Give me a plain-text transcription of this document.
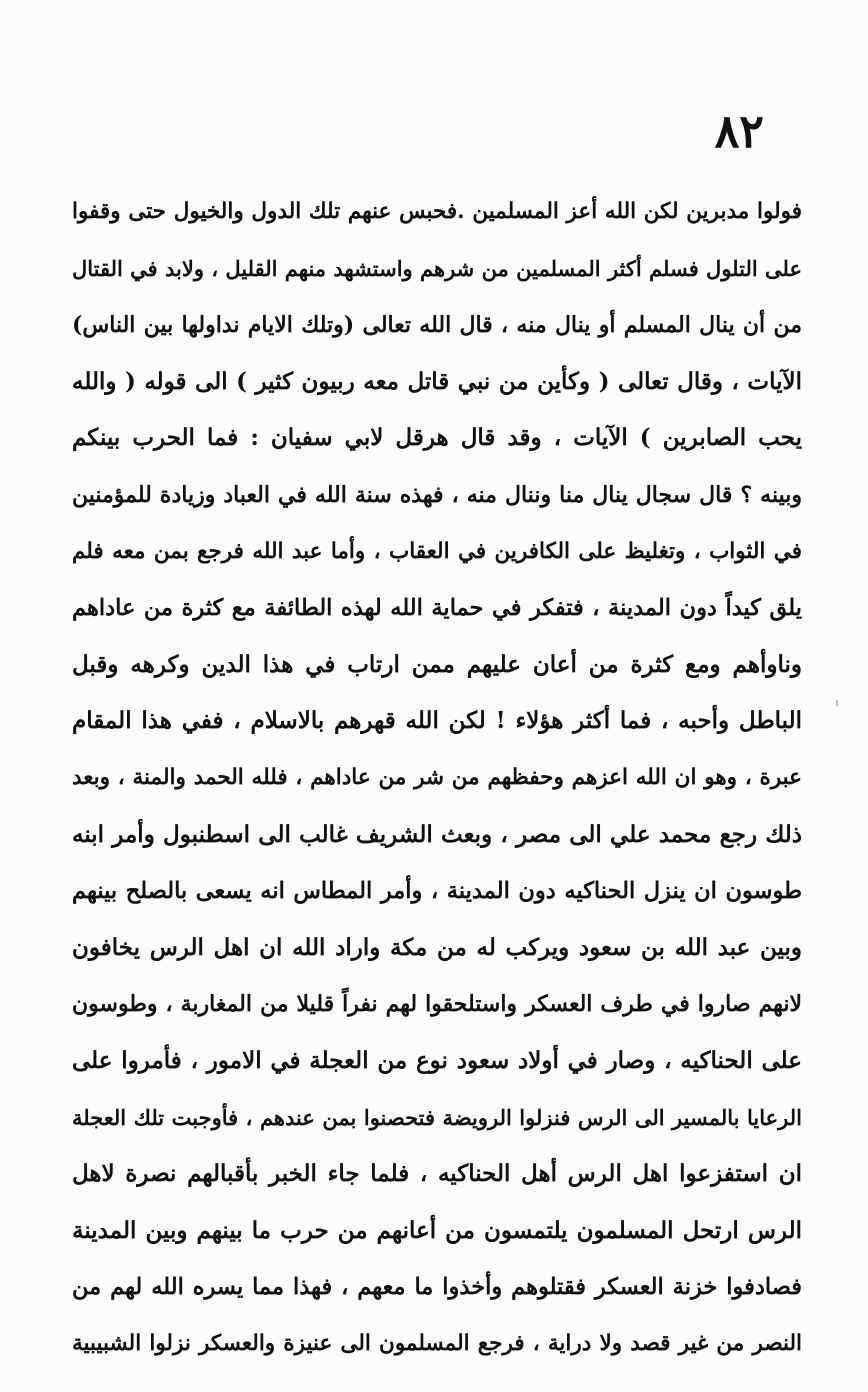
٨٢
فولوا مدبرين لكن الله أعز المسلمين .فحبس عنهم تلك الدول والخيول حتى وقفوا
على التلول فسلم أكثر المسلمين من شرهم واستشهد منهم القليل ، ولابد في القتال
من أن ينال المسلم أو ينال منه ، قال الله تعالى (وتلك الايام نداولها بين الناس)
الآيات ، وقال تعالى ( وكأين من نبي قاتل معه ربيون كثير ) الى قوله ( والله
يحب الصابرين ) الآيات ، وقد قال هرقل لابي سفيان : فما الحرب بينكم
وبينه ؟ قال سجال ينال منا وننال منه ، فهذه سنة الله في العباد وزيادة للمؤمنين
في الثواب ، وتغليظ على الكافرين في العقاب ، وأما عبد الله فرجع بمن معه فلم
يلق كيداً دون المدينة ، فتفكر في حماية الله لهذه الطائفة مع كثرة من عاداهم
وناوأهم ومع كثرة من أعان عليهم ممن ارتاب في هذا الدين وكرهه وقبل
الباطل وأحبه ، فما أكثر هؤلاء ! لكن الله قهرهم بالاسلام ، ففي هذا المقام
عبرة ، وهو ان الله اعزهم وحفظهم من شر من عاداهم ، فلله الحمد والمنة ، وبعد
ذلك رجع محمد علي الى مصر ، وبعث الشريف غالب الى اسطنبول وأمر ابنه
طوسون ان ينزل الحناكيه دون المدينة ، وأمر المطاس انه يسعى بالصلح بينهم
وبين عبد الله بن سعود ويركب له من مكة واراد الله ان اهل الرس يخافون
لانهم صاروا في طرف العسكر واستلحقوا لهم نفراً قليلا من المغاربة ، وطوسون
على الحناكيه ، وصار في أولاد سعود نوع من العجلة في الامور ، فأمروا على
الرعايا بالمسير الى الرس فنزلوا الرويضة فتحصنوا بمن عندهم ، فأوجبت تلك العجلة
ان استفزعوا اهل الرس أهل الحناكيه ، فلما جاء الخبر بأقبالهم نصرة لاهل
الرس ارتحل المسلمون يلتمسون من أعانهم من حرب ما بينهم وبين المدينة
فصادفوا خزنة العسكر فقتلوهم وأخذوا ما معهم ، فهذا مما يسره الله لهم من
النصر من غير قصد ولا دراية ، فرجع المسلمون الى عنيزة والعسكر نزلوا الشبيبية
